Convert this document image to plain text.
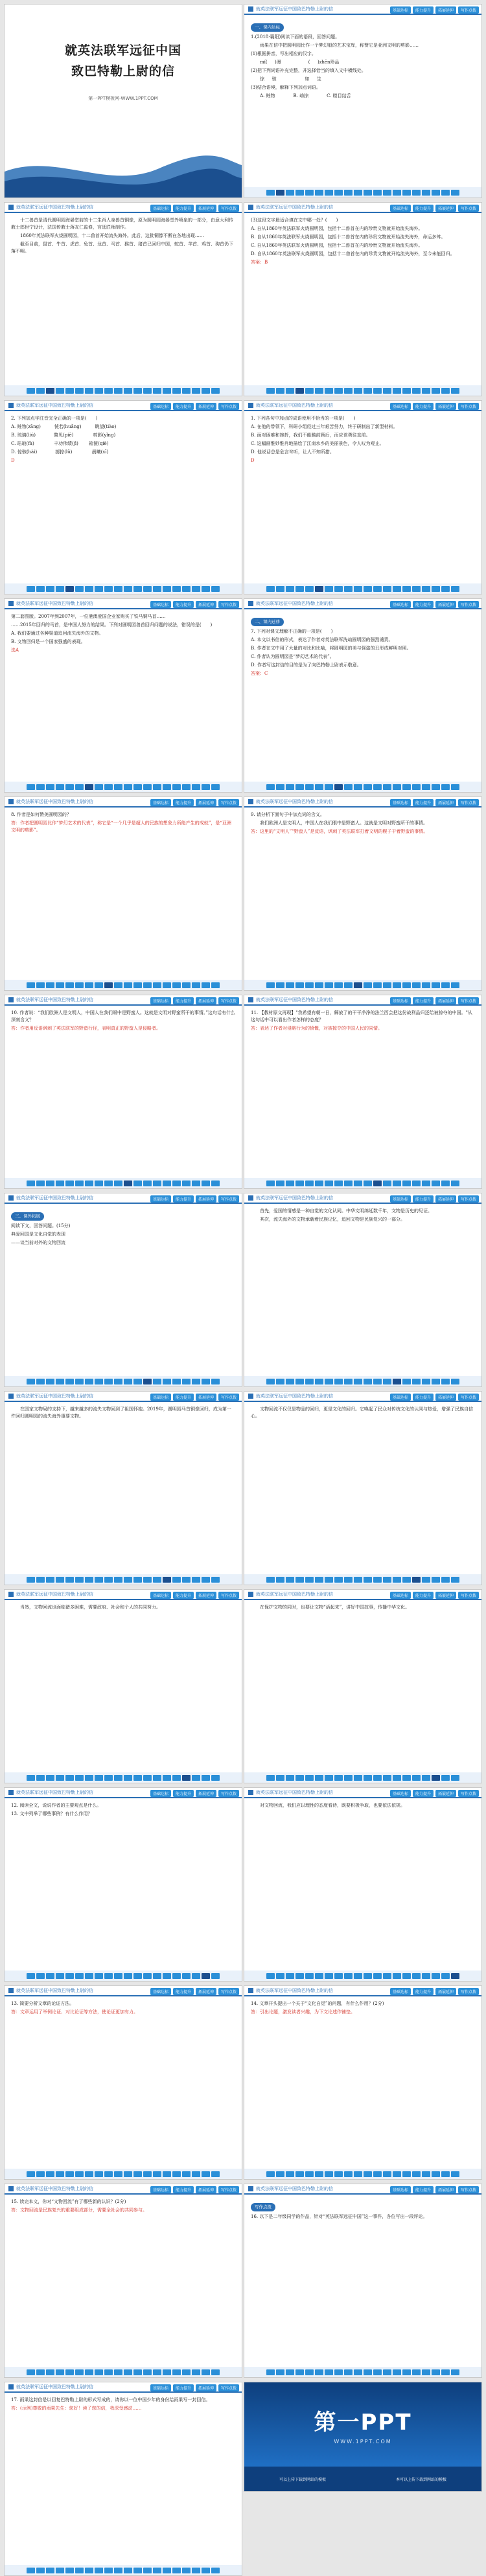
就英法联军远征中国
致巴特勒上尉的信
第一PPT模板网-WWW.1PPT.COM
就英法联军远征中国致巴特勒上尉的信	基础达标	能力提升	拓展延伸	写作点拨

一、课内达标

1.(2018·襄阳)阅读下面的语段，回答问题。

　　雨果在信中把圆明园比作一个梦幻般的艺术宝库，称赞它是亚洲文明的剪影……

(1)根据拼音，写出相应的汉字。

　　mí( 　 )漫　　　　　　( 　 )zhēn珍品

(2)把下列词语补充完整，并选择恰当的填入文中横线处。

　　惊 　 骇 　 　　　 　 如 　 生

(3)结合语境，解释下列加点词语。

　　A. 赃物　　　　B. 劫掠　　　　C. 瞠目结舌

就英法联军远征中国致巴特勒上尉的信	基础达标	能力提升	拓展延伸	写作点拨

　　十二兽首是清代圆明园海晏堂前的十二生肖人身兽首铜像，原为圆明园海晏堂外喷泉的一部分，由意大利传教士郎世宁设计，法国传教士蒋友仁监修，宫廷匠师制作。

　　1860年英法联军火烧圆明园，十二兽首开始流失海外。此后，这批铜像不断在各地出现……

　　截至目前，鼠首、牛首、虎首、兔首、龙首、马首、猴首、猪首已回归中国，蛇首、羊首、鸡首、狗首仍下落不明。

就英法联军远征中国致巴特勒上尉的信	基础达标	能力提升	拓展延伸	写作点拨

(3)这段文字最适合填在文中哪一处？(　　)

A. 自从1860年英法联军火烧圆明园，包括十二兽首在内的珍贵文物就开始流失海外。

B. 自从1860年英法联军火烧圆明园，包括十二兽首在内的珍贵文物就开始流失海外，命运多舛。

C. 自从1860年英法联军火烧圆明园，包括十二兽首在内的珍贵文物就开始流失海外。

D. 自从1860年英法联军火烧圆明园，包括十二兽首在内的珍贵文物就开始流失海外，至今未能回归。

答案：B

就英法联军远征中国致巴特勒上尉的信	基础达标	能力提升	拓展延伸	写作点拨

2. 下列加点字注音完全正确的一项是(　　)

A. 赃物(zāng)　　　恍若(huǎng)　　　眺望(tiào)

B. 琉璃(liú)　　　　瞥见(piē)　　　　 剪影(yǐng)

C. 珐琅(fà)　　　　 丰功伟绩(jì)　　 箱箧(qiè)

D. 惊骇(hài)　　　　掳掠(lǔ)　　　　 晨曦(xī)

D

就英法联军远征中国致巴特勒上尉的信	基础达标	能力提升	拓展延伸	写作点拨

1. 下列各句中加点的成语使用不恰当的一项是(　　)

A. 在他的带领下，科研小组经过三年艰苦努力，终于研制出了新型材料。

B. 面对困难和挫折，我们不能瞻前顾后，而应该勇往直前。

C. 这幅画惟妙惟肖地描绘了江南水乡的美丽景色，令人叹为观止。

D. 他说话总是危言耸听，让人不知所措。

D

就英法联军远征中国致巴特勒上尉的信	基础达标	能力提升	拓展延伸	写作点拨

第二套图版。2007年到2007年，一位港澳爱国企业家购买了铁马铜马首……

……2015年回归的马首，是中国人努力的结果。下列对圆明园兽首回归问题的说法，错误的是(　　)

A. 我们要通过各种渠道追回流失海外的文物。

B. 文物回归是一个国家强盛的表现。

选A

就英法联军远征中国致巴特勒上尉的信	基础达标	能力提升	拓展延伸	写作点拨

二、课内迁移

7. 下列对课文理解不正确的一项是(　　)

A. 本文以书信的形式，表达了作者对英法联军洗劫圆明园的强烈谴责。

B. 作者在文中用了大量的对比和比喻，将圆明园的美与强盗的丑形成鲜明对照。

C. 作者认为圆明园是“梦幻艺术的代表”。

D. 作者写这封信的目的是为了向巴特勒上尉表示敬意。

答案：C

就英法联军远征中国致巴特勒上尉的信	基础达标	能力提升	拓展延伸	写作点拨

8. 作者是如何赞美圆明园的？

答：作者把圆明园比作“梦幻艺术的代表”，称它是“一个几乎是超人的民族的想象力所能产生的成就”，是“亚洲文明的剪影”。

就英法联军远征中国致巴特勒上尉的信	基础达标	能力提升	拓展延伸	写作点拨

9. 请分析下面句子中加点词的含义。

　　我们欧洲人是文明人，中国人在我们眼中是野蛮人。这就是文明对野蛮所干的事情。

答：这里的“文明人”“野蛮人”是反语，讽刺了英法联军打着文明的幌子干着野蛮的事情。

就英法联军远征中国致巴特勒上尉的信	基础达标	能力提升	拓展延伸	写作点拨

10. 作者说：“我们欧洲人是文明人，中国人在我们眼中是野蛮人。这就是文明对野蛮所干的事情。”这句话有什么深刻含义？

答：作者用反语讽刺了英法联军的野蛮行径，表明真正的野蛮人是侵略者。

就英法联军远征中国致巴特勒上尉的信	基础达标	能力提升	拓展延伸	写作点拨

11. 【教材原文再现】"我希望有朝一日，解放了的干干净净的法兰西会把这份战利品归还给被掠夺的中国。"从这句话中可以看出作者怎样的态度？

答：表达了作者对侵略行为的愤慨，对被掠夺的中国人民的同情。

就英法联军远征中国致巴特勒上尉的信	基础达标	能力提升	拓展延伸	写作点拨

三、课外拓展

阅读下文，回答问题。(15分)

典爱回国是文化自觉的表现

——谈当前对外的文物回流

就英法联军远征中国致巴特勒上尉的信	基础达标	能力提升	拓展延伸	写作点拨

　　首先，爱国的情感是一种自觉的文化认同。中华文明绵延数千年，文物是历史的见证。

　　其次，流失海外的文物承载着民族记忆，追回文物是民族复兴的一部分。

就英法联军远征中国致巴特勒上尉的信	基础达标	能力提升	拓展延伸	写作点拨

　　在国家文物局的支持下，越来越多的流失文物回到了祖国怀抱。2019年，圆明园马首铜像回归，成为第一件回归圆明园的流失海外重要文物。

就英法联军远征中国致巴特勒上尉的信	基础达标	能力提升	拓展延伸	写作点拨

　　文物回流不仅仅是物品的回归，更是文化的回归。它唤起了民众对传统文化的认同与热爱，增强了民族自信心。

就英法联军远征中国致巴特勒上尉的信	基础达标	能力提升	拓展延伸	写作点拨

　　当然，文物回流也面临诸多困难，需要政府、社会和个人的共同努力。

就英法联军远征中国致巴特勒上尉的信	基础达标	能力提升	拓展延伸	写作点拨

　　在保护文物的同时，也要让文物“活起来”，讲好中国故事，传播中华文化。

就英法联军远征中国致巴特勒上尉的信	基础达标	能力提升	拓展延伸	写作点拨

12. 阅读全文，说说作者的主要观点是什么。

13. 文中列举了哪些事例？有什么作用？

就英法联军远征中国致巴特勒上尉的信	基础达标	能力提升	拓展延伸	写作点拨

　　对文物回流，我们应以理性的态度看待，既要积极争取，也要依法依规。

就英法联军远征中国致巴特勒上尉的信	基础达标	能力提升	拓展延伸	写作点拨

13. 简要分析文章的论证方法。

答：文章运用了举例论证、对比论证等方法，使论证更加有力。

就英法联军远征中国致巴特勒上尉的信	基础达标	能力提升	拓展延伸	写作点拨

14. 文章开头提出一个关于“文化自觉”的问题，有什么作用？(2分)

答：引出论题，激发读者兴趣，为下文论述作铺垫。

就英法联军远征中国致巴特勒上尉的信	基础达标	能力提升	拓展延伸	写作点拨

15. 读完本文，你对“文物回流”有了哪些新的认识？(2分)

答：文物回流是民族复兴的重要组成部分，需要全社会的共同参与。

就英法联军远征中国致巴特勒上尉的信	基础达标	能力提升	拓展延伸	写作点拨

写作点拨

16. 以下是二年级同学的作品，针对“英法联军远征中国”这一事件，各位写出一段评论。

就英法联军远征中国致巴特勒上尉的信	基础达标	能力提升	拓展延伸	写作点拨

17. 雨果这封信是以回复巴特勒上尉的形式写成的，请你以一位中国少年的身份给雨果写一封回信。

答：(示例)尊敬的雨果先生：您好！读了您的信，我深受感动……

第一PPT
WWW.1PPT.COM
可以上传下载到网站的模板	本可以上传下载到网站的模板
